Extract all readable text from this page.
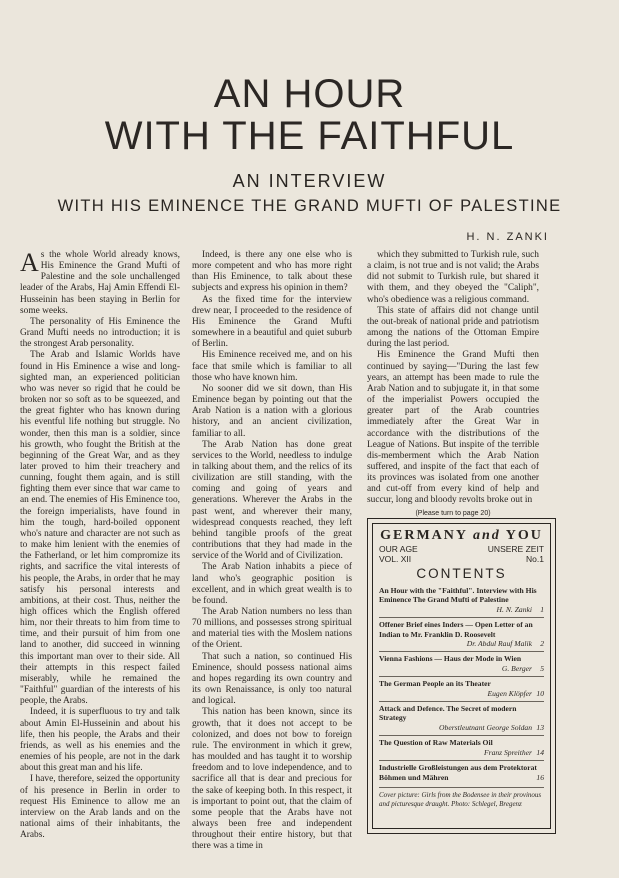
AN HOUR
WITH THE FAITHFUL
AN INTERVIEW
WITH HIS EMINENCE THE GRAND MUFTI OF PALESTINE
H. N. ZANKI

As the whole World already knows, His Eminence the Grand Mufti of Palestine and the sole unchallenged leader of the Arabs, Haj Amin Effendi El-Husseinin has been staying in Berlin for some weeks.

The personality of His Eminence the Grand Mufti needs no introduction; it is the strongest Arab personality.

The Arab and Islamic Worlds have found in His Eminence a wise and long-sighted man, an experienced politician who was never so rigid that he could be broken nor so soft as to be squeezed, and the great fighter who has known during his eventful life nothing but struggle. No wonder, then this man is a soldier, since his growth, who fought the British at the beginning of the Great War, and as they later proved to him their treachery and cunning, fought them again, and is still fighting them ever since that war came to an end. The enemies of His Eminence too, the foreign imperialists, have found in him the tough, hard-boiled opponent who's nature and character are not such as to make him lenient with the enemies of the Fatherland, or let him compromize its rights, and sacrifice the vital interests of his people, the Arabs, in order that he may satisfy his personal interests and ambitions, at their cost. Thus, neither the high offices which the English offered him, nor their threats to him from time to time, and their pursuit of him from one land to another, did succeed in winning this important man over to their side. All their attempts in this respect failed miserably, while he remained the "Faithful" guardian of the interests of his people, the Arabs.

Indeed, it is superfluous to try and talk about Amin El-Husseinin and about his life, then his people, the Arabs and their friends, as well as his enemies and the enemies of his people, are not in the dark about this great man and his life.

I have, therefore, seized the opportunity of his presence in Berlin in order to request His Eminence to allow me an interview on the Arab lands and on the national aims of their inhabitants, the Arabs.

Indeed, is there any one else who is more competent and who has more right than His Eminence, to talk about these subjects and express his opinion in them?

As the fixed time for the interview drew near, I proceeded to the residence of His Eminence the Grand Mufti somewhere in a beautiful and quiet suburb of Berlin.

His Eminence received me, and on his face that smile which is familiar to all those who have known him.

No sooner did we sit down, than His Eminence began by pointing out that the Arab Nation is a nation with a glorious history, and an ancient civilization, familiar to all.

The Arab Nation has done great services to the World, needless to indulge in talking about them, and the relics of its civilization are still standing, with the coming and going of years and generations. Wherever the Arabs in the past went, and wherever their many, widespread conquests reached, they left behind tangible proofs of the great contributions that they had made in the service of the World and of Civilization.

The Arab Nation inhabits a piece of land who's geographic position is excellent, and in which great wealth is to be found.

The Arab Nation numbers no less than 70 millions, and possesses strong spiritual and material ties with the Moslem nations of the Orient.

That such a nation, so continued His Eminence, should possess national aims and hopes regarding its own country and its own Renaissance, is only too natural and logical.

This nation has been known, since its growth, that it does not accept to be colonized, and does not bow to foreign rule. The environment in which it grew, has moulded and has taught it to worship freedom and to love independence, and to sacrifice all that is dear and precious for the sake of keeping both. In this respect, it is important to point out, that the claim of some people that the Arabs have not always been free and independent throughout their entire history, but that there was a time in

which they submitted to Turkish rule, such a claim, is not true and is not valid; the Arabs did not submit to Turkish rule, but shared it with them, and they obeyed the "Caliph", who's obedience was a religious command.

This state of affairs did not change until the out-break of national pride and patriotism among the nations of the Ottoman Empire during the last period.

His Eminence the Grand Mufti then continued by saying—"During the last few years, an attempt has been made to rule the Arab Nation and to subjugate it, in that some of the imperialist Powers occupied the greater part of the Arab countries immediately after the Great War in accordance with the distributions of the League of Nations. But inspite of the terrible dis-memberment which the Arab Nation suffered, and inspite of the fact that each of its provinces was isolated from one another and cut-off from every kind of help and succur, long and bloody revolts broke out in

(Please turn to page 20)
GERMANY and YOU
OUR AGE	UNSERE ZEIT
VOL. XII	No.1
CONTENTS
An Hour with the "Faithful". Interview with His Eminence The Grand Mufti of Palestine
H. N. Zanki	1
Offener Brief eines Inders — Open Letter of an Indian to Mr. Franklin D. Roosevelt
Dr. Abdul Rauf Malik	2
Vienna Fashions — Haus der Mode in Wien
G. Berger	5
The German People an its Theater
Eugen Klöpfer 10
Attack and Defence. The Secret of modern Strategy
Oberstleutnant George Soldan 13
The Question of Raw Materials Oil
Franz Spreither 14
Industrielle Großleistungen aus dem Protektorat Böhmen und Mähren	16
Cover picture: Girls from the Bodensee in their provinous and picturesque draught. Photo: Schlegel, Bregenz
